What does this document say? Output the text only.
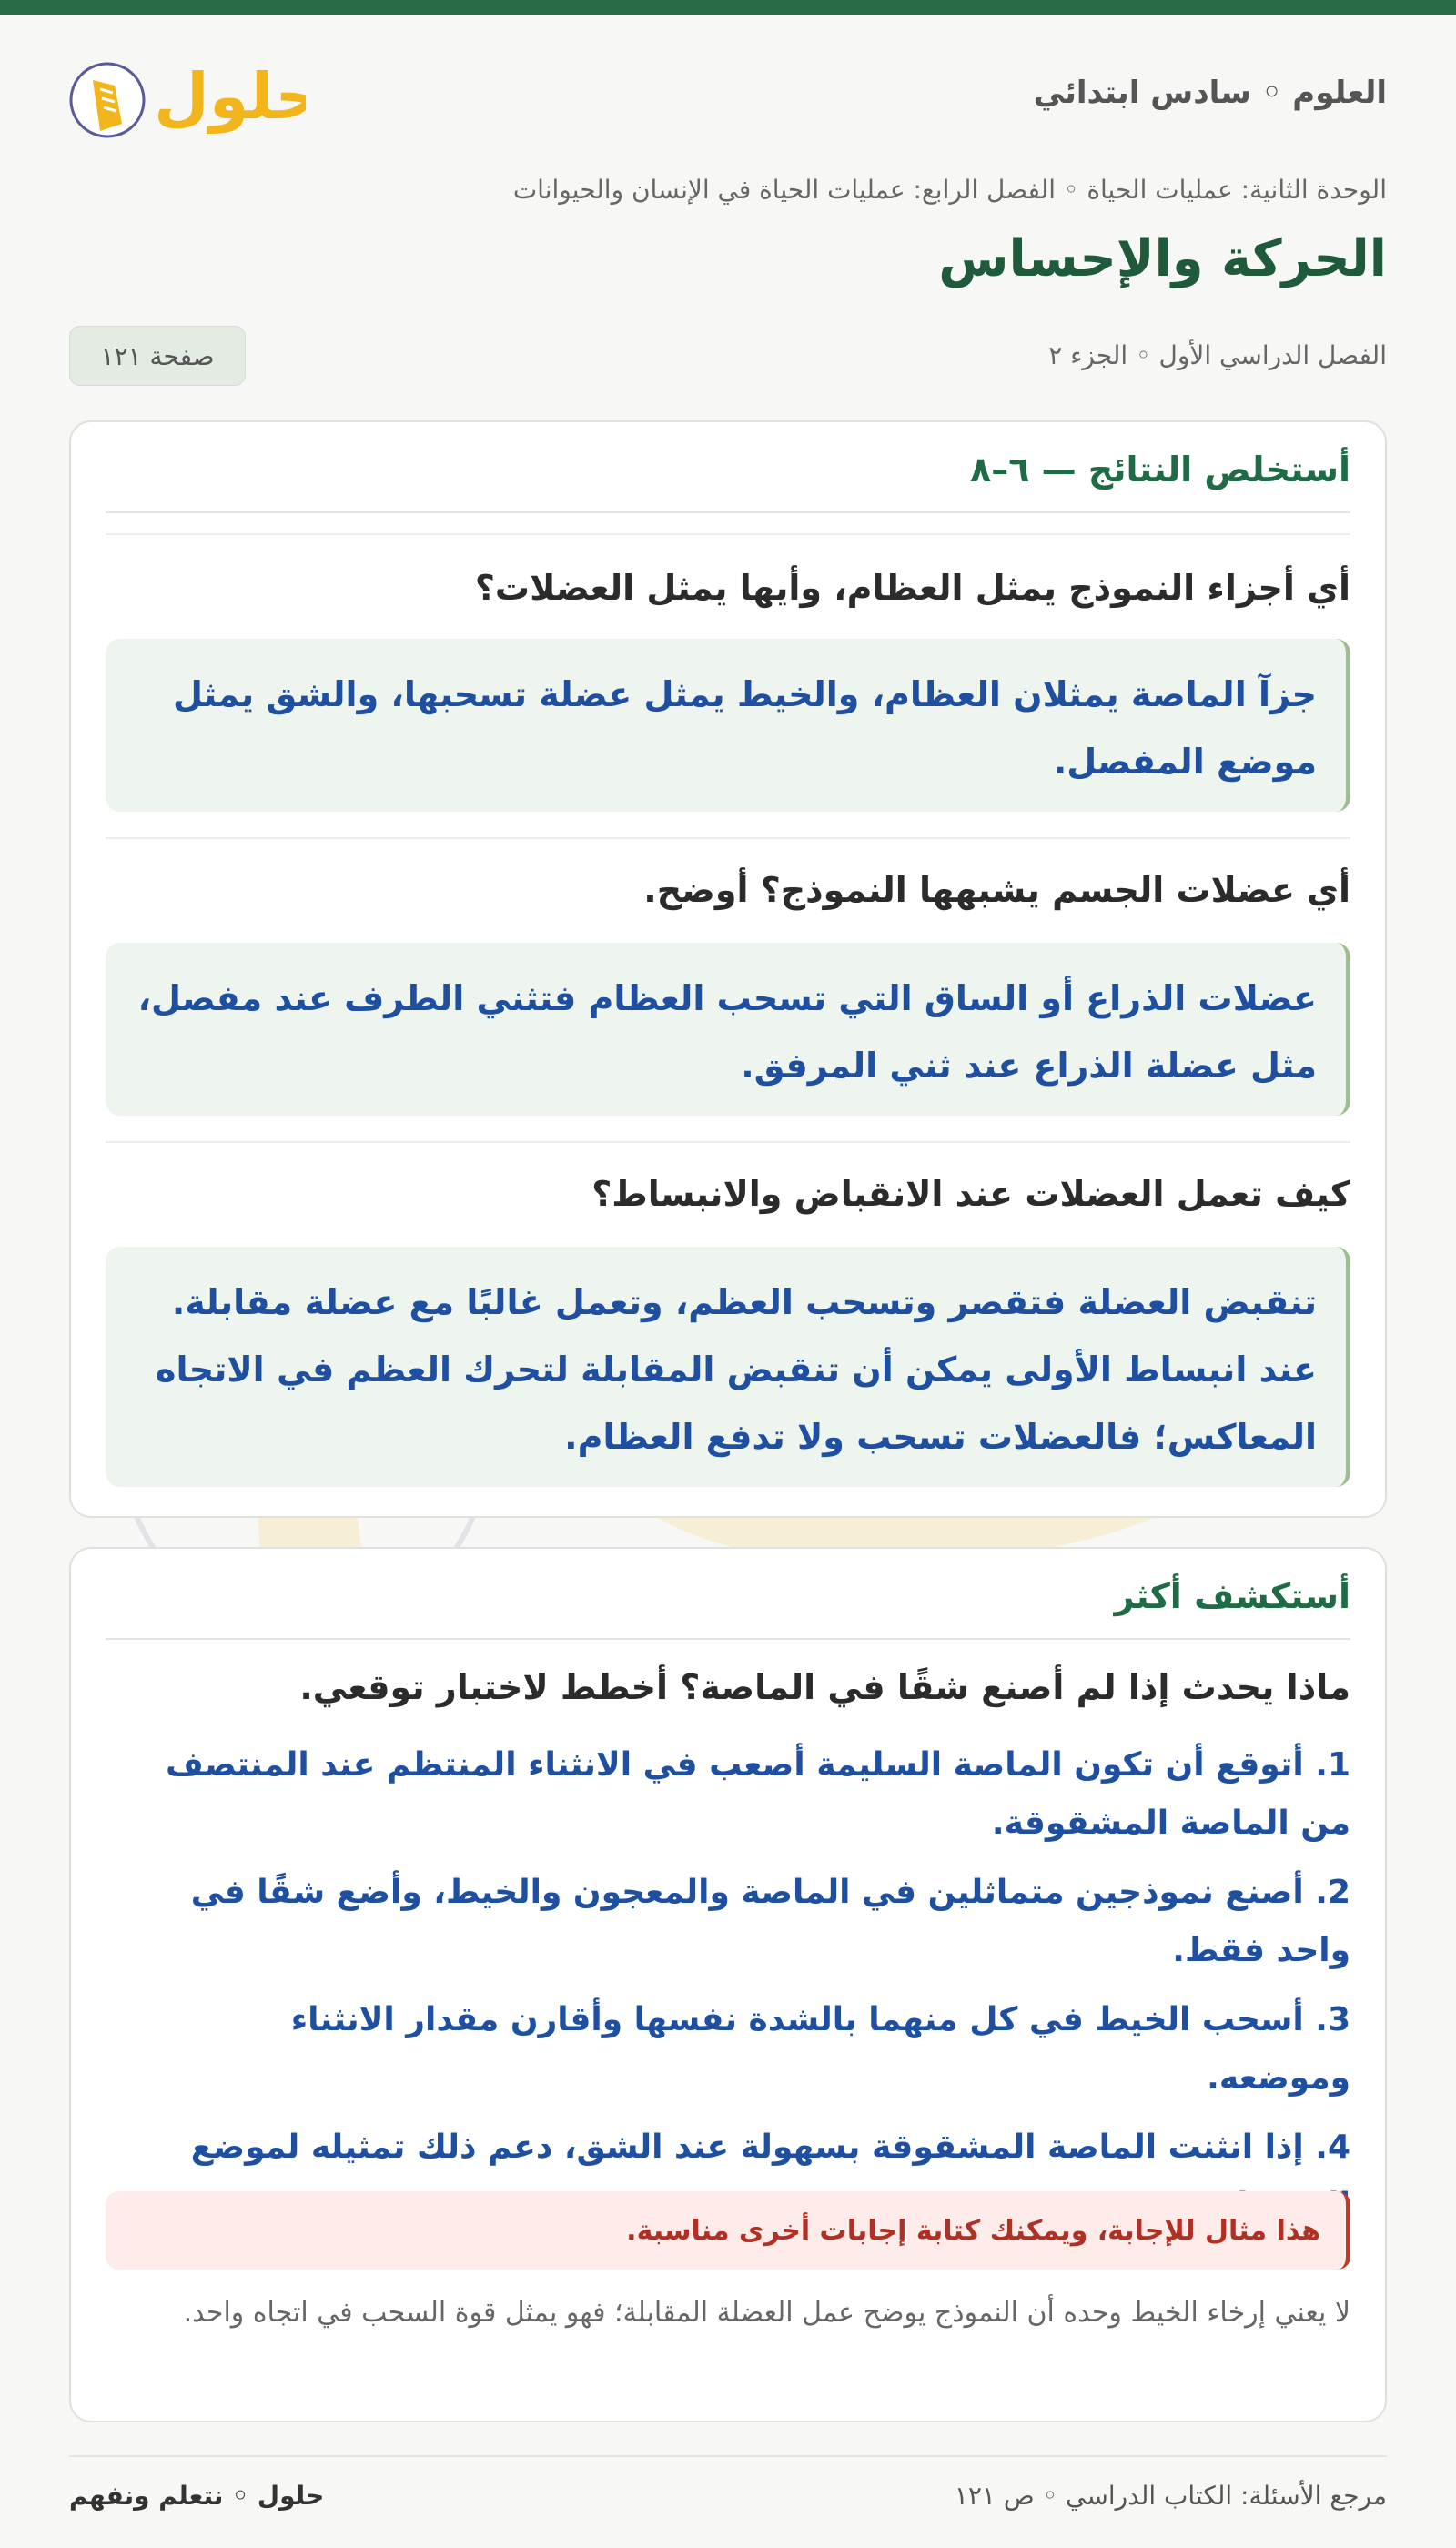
العلوم ◦ سادس ابتدائي
حلول
الوحدة الثانية: عمليات الحياة ◦ الفصل الرابع: عمليات الحياة في الإنسان والحيوانات
الحركة والإحساس
الفصل الدراسي الأول ◦ الجزء ٢
صفحة ١٢١
أستخلص النتائج — ٦–٨
أي أجزاء النموذج يمثل العظام، وأيها يمثل العضلات؟
جزآ الماصة يمثلان العظام، والخيط يمثل عضلة تسحبها، والشق يمثل موضع المفصل.
أي عضلات الجسم يشبهها النموذج؟ أوضح.
عضلات الذراع أو الساق التي تسحب العظام فتثني الطرف عند مفصل، مثل عضلة الذراع عند ثني المرفق.
كيف تعمل العضلات عند الانقباض والانبساط؟
تنقبض العضلة فتقصر وتسحب العظم، وتعمل غالبًا مع عضلة مقابلة. عند انبساط الأولى يمكن أن تنقبض المقابلة لتحرك العظم في الاتجاه المعاكس؛ فالعضلات تسحب ولا تدفع العظام.
أستكشف أكثر
ماذا يحدث إذا لم أصنع شقًا في الماصة؟ أخطط لاختبار توقعي.
1. أتوقع أن تكون الماصة السليمة أصعب في الانثناء المنتظم عند المنتصف من الماصة المشقوقة.
2. أصنع نموذجين متماثلين في الماصة والمعجون والخيط، وأضع شقًا في واحد فقط.
3. أسحب الخيط في كل منهما بالشدة نفسها وأقارن مقدار الانثناء وموضعه.
4. إذا انثنت الماصة المشقوقة بسهولة عند الشق، دعم ذلك تمثيله لموضع
هذا مثال للإجابة، ويمكنك كتابة إجابات أخرى مناسبة.
لا يعني إرخاء الخيط وحده أن النموذج يوضح عمل العضلة المقابلة؛ فهو يمثل قوة السحب في اتجاه واحد.
مرجع الأسئلة: الكتاب الدراسي ◦ ص ١٢١
حلول ◦ نتعلم ونفهم
